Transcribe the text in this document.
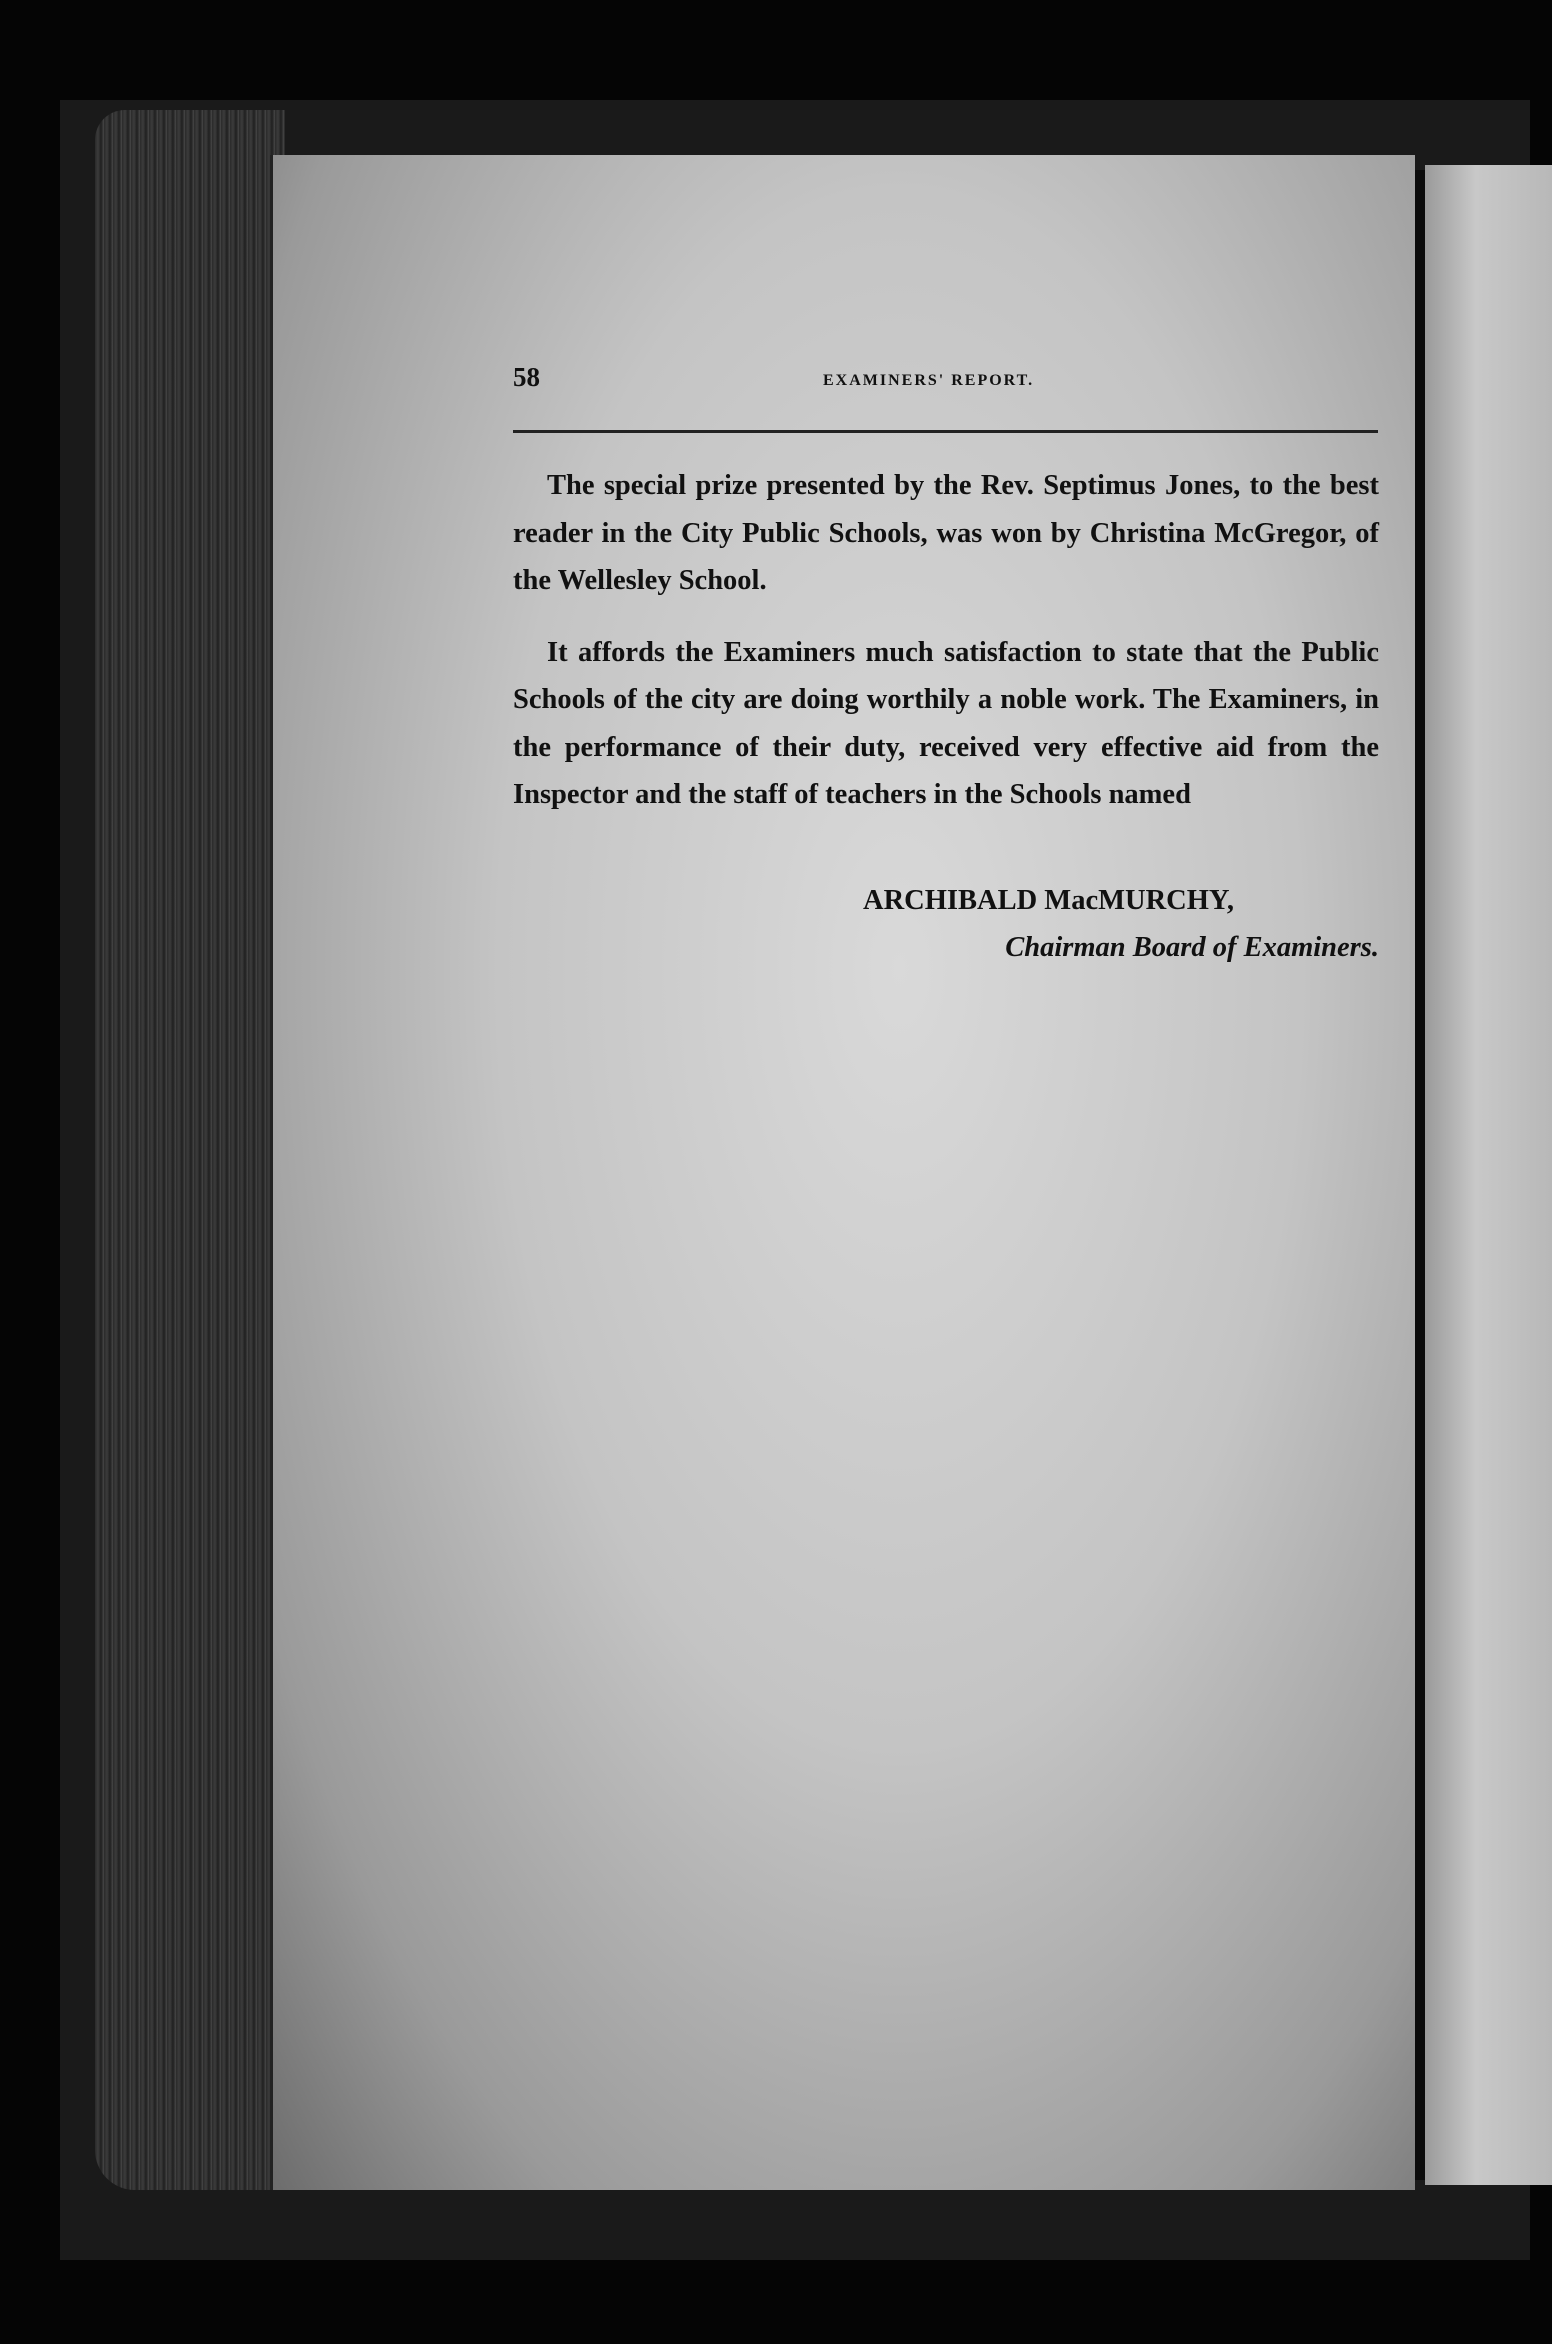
58	EXAMINERS' REPORT.

The special prize presented by the Rev. Septimus Jones, to the best reader in the City Public Schools, was won by Christina McGregor, of the Wellesley School.

It affords the Examiners much satisfaction to state that the Public Schools of the city are doing worthily a noble work. The Examiners, in the performance of their duty, received very effective aid from the Inspector and the staff of teachers in the Schools named

ARCHIBALD MacMURCHY,
Chairman Board of Examiners.
